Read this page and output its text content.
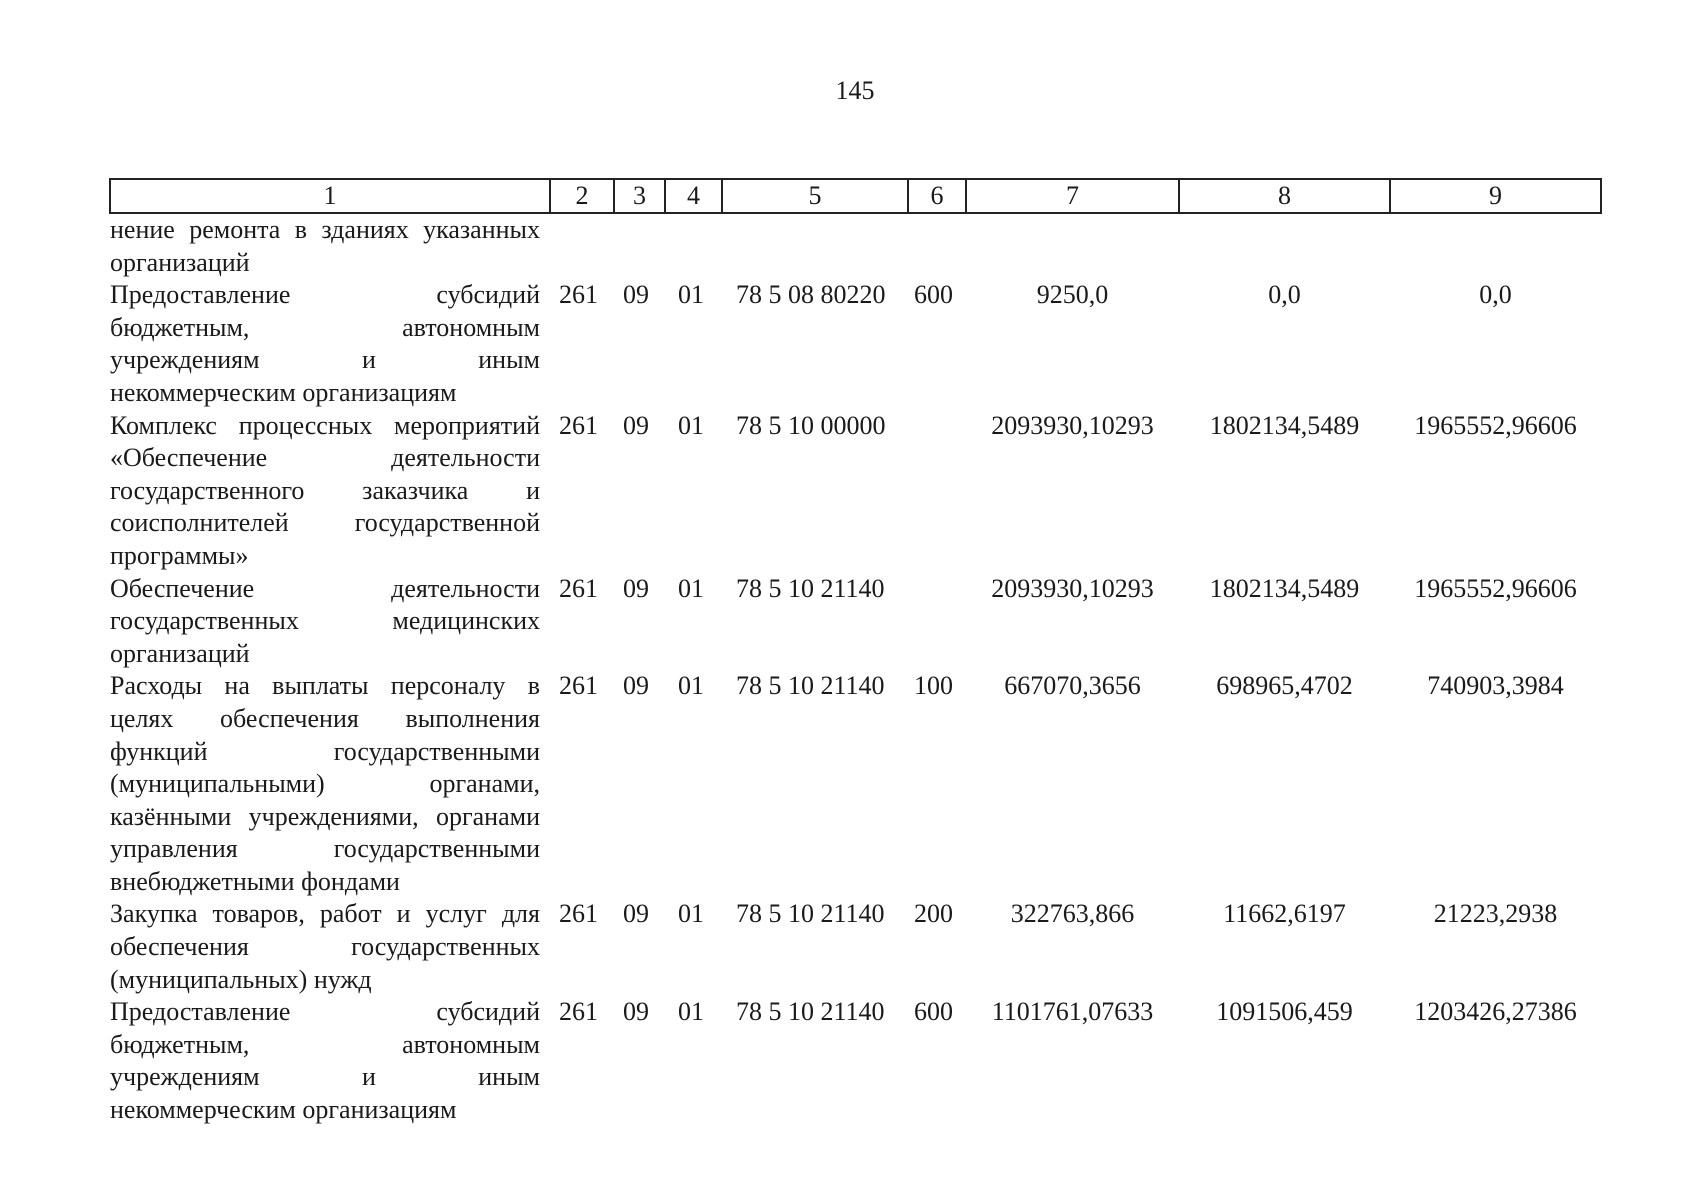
145
1	2	3	4	5	6	7	8	9
нение ремонта в зданиях указанных организаций								
Предоставление субсидий бюджетным, автономным учреждениям и иным некоммерческим организациям	261	09	01	78 5 08 80220	600	9250,0	0,0	0,0
Комплекс процессных мероприятий «Обеспечение деятельности государственного заказчика и соисполнителей государственной программы»	261	09	01	78 5 10 00000		2093930,10293	1802134,5489	1965552,96606
Обеспечение деятельности государственных медицинских организаций	261	09	01	78 5 10 21140		2093930,10293	1802134,5489	1965552,96606
Расходы на выплаты персоналу в целях обеспечения выполнения функций государственными (муниципальными) органами, казёнными учреждениями, органами управления государственными внебюджетными фондами	261	09	01	78 5 10 21140	100	667070,3656	698965,4702	740903,3984
Закупка товаров, работ и услуг для обеспечения государственных (муниципальных) нужд	261	09	01	78 5 10 21140	200	322763,866	11662,6197	21223,2938
Предоставление субсидий бюджетным, автономным учреждениям и иным некоммерческим организациям	261	09	01	78 5 10 21140	600	1101761,07633	1091506,459	1203426,27386
